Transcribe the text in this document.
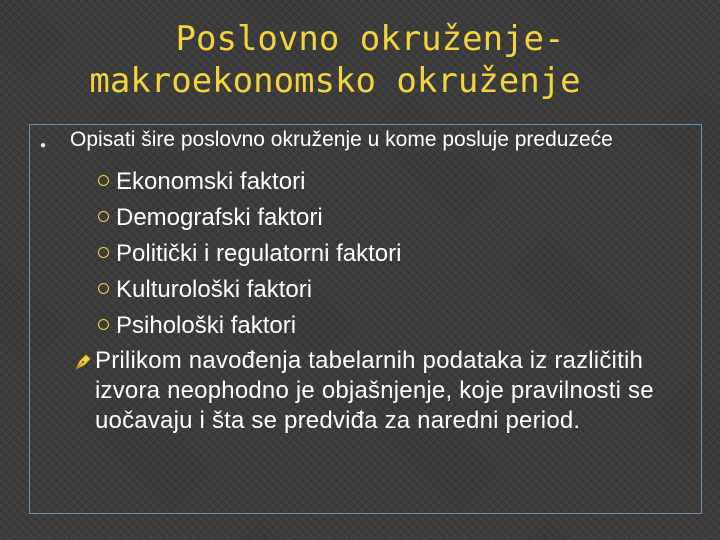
Poslovno okruženje-
makroekonomsko okruženje
● Opisati šire poslovno okruženje u kome posluje preduzeće
Ekonomski faktori
Demografski faktori
Politički i regulatorni faktori
Kulturološki faktori
Psihološki faktori
Prilikom navođenja tabelarnih podataka iz različitih izvora neophodno je objašnjenje, koje pravilnosti se uočavaju i šta se predviđa za naredni period.
